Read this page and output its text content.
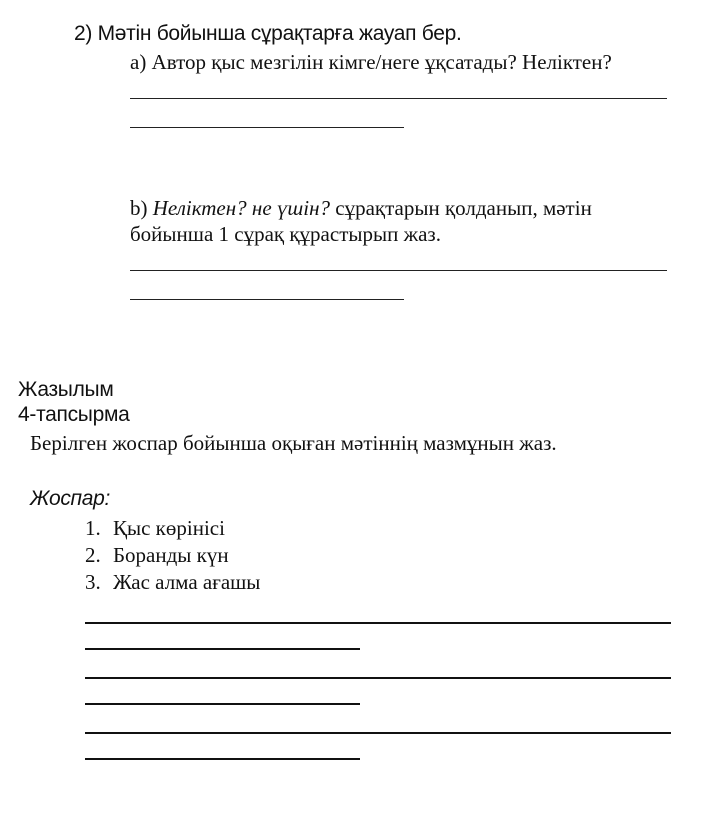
2) Мәтін бойынша сұрақтарға жауап бер.
а) Автор қыс мезгілін кімге/неге ұқсатады? Неліктен?
b) Неліктен? не үшін? сұрақтарын қолданып, мәтін
бойынша 1 сұрақ құрастырып жаз.
Жазылым
4-тапсырма
Берілген жоспар бойынша оқыған мәтіннің мазмұнын жаз.
Жоспар:
1. Қыс көрінісі
2. Боранды күн
3. Жас алма ағашы
